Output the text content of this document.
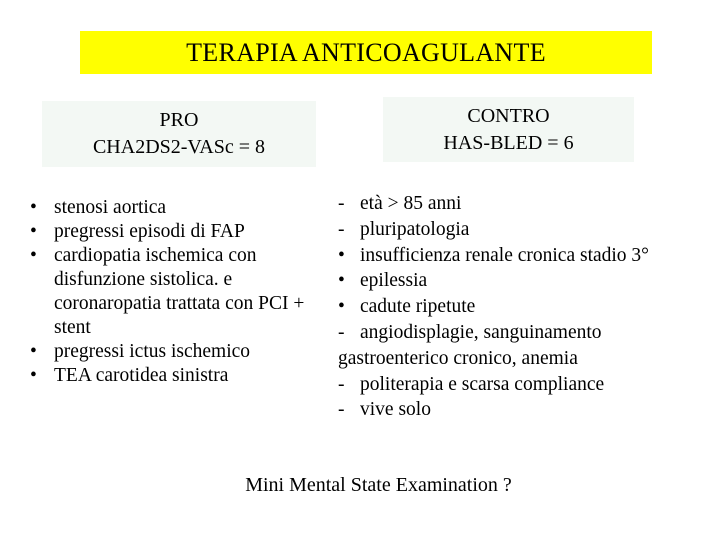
TERAPIA ANTICOAGULANTE
PRO
CHA2DS2-VASc = 8
CONTRO
HAS-BLED = 6
• stenosi aortica
• pregressi episodi di FAP
• cardiopatia ischemica con disfunzione sistolica. e coronaropatia trattata con PCI + stent
• pregressi ictus ischemico
• TEA carotidea sinistra
- età > 85 anni
- pluripatologia
• insufficienza renale cronica stadio 3°
• epilessia
• cadute ripetute
- angiodisplagie, sanguinamento
gastroenterico cronico, anemia
- politerapia e scarsa compliance
- vive solo
Mini Mental State Examination ?
